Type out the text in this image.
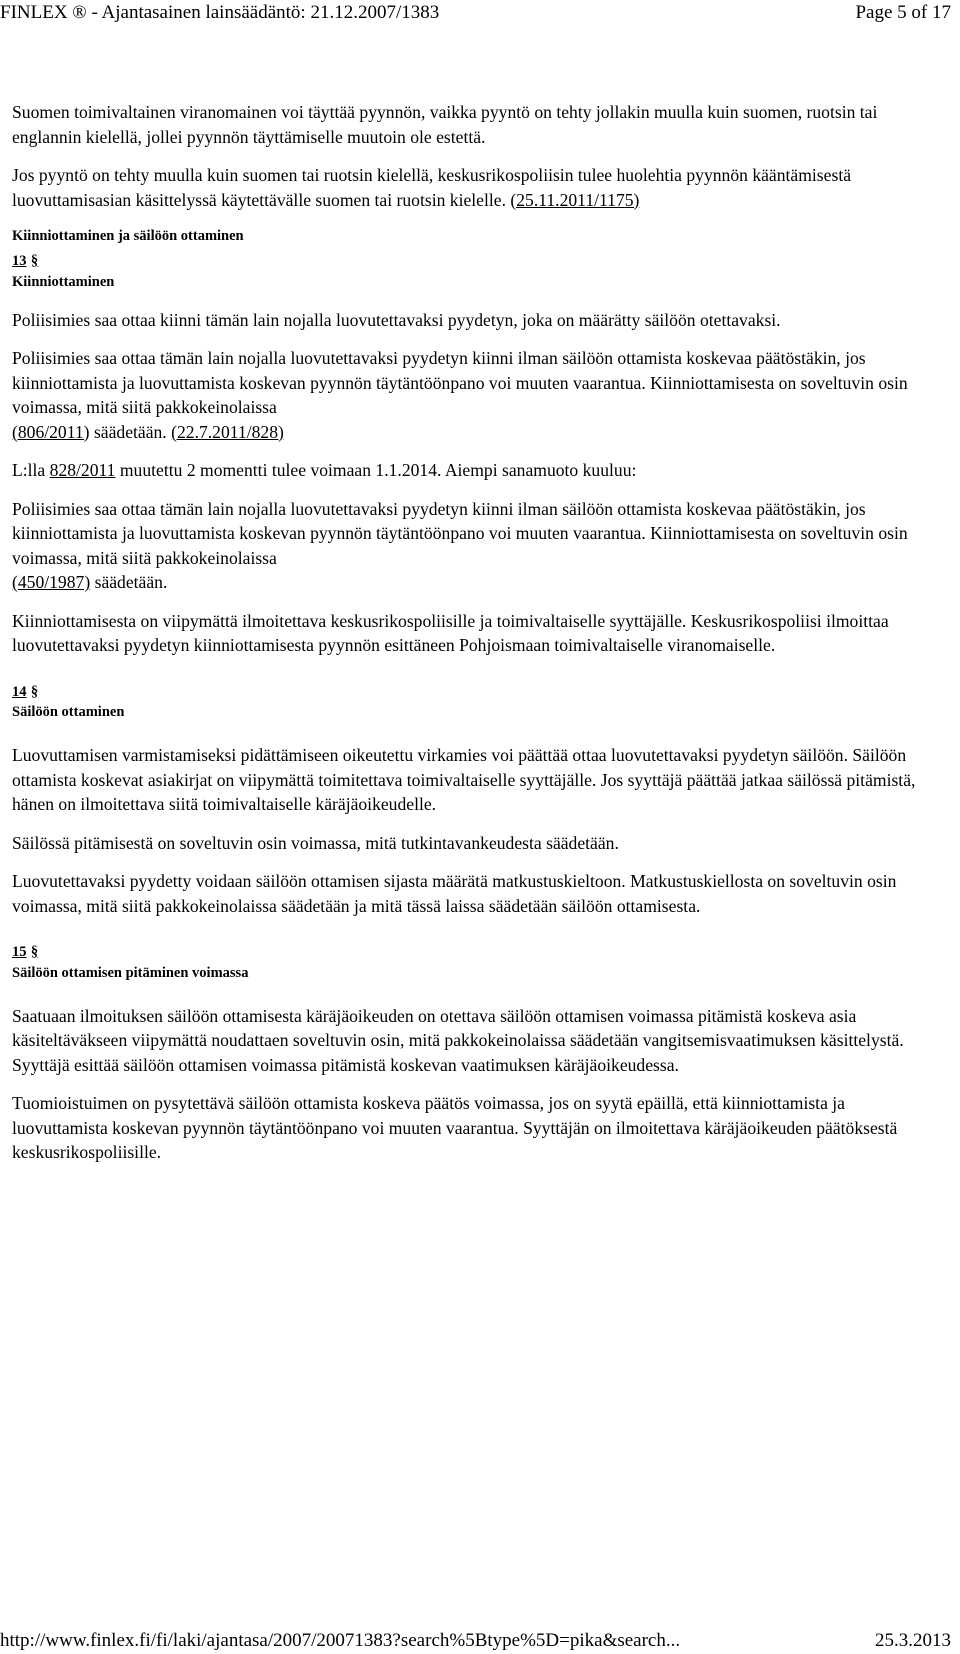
FINLEX ® - Ajantasainen lainsäädäntö: 21.12.2007/1383	Page 5 of 17

Suomen toimivaltainen viranomainen voi täyttää pyynnön, vaikka pyyntö on tehty jollakin muulla kuin suomen, ruotsin tai englannin kielellä, jollei pyynnön täyttämiselle muutoin ole estettä.

Jos pyyntö on tehty muulla kuin suomen tai ruotsin kielellä, keskusrikospoliisin tulee huolehtia pyynnön kääntämisestä luovuttamisasian käsittelyssä käytettävälle suomen tai ruotsin kielelle. (25.11.2011/1175)

Kiinniottaminen ja säilöön ottaminen
13 §
Kiinniottaminen

Poliisimies saa ottaa kiinni tämän lain nojalla luovutettavaksi pyydetyn, joka on määrätty säilöön otettavaksi.

Poliisimies saa ottaa tämän lain nojalla luovutettavaksi pyydetyn kiinni ilman säilöön ottamista koskevaa päätöstäkin, jos kiinniottamista ja luovuttamista koskevan pyynnön täytäntöönpano voi muuten vaarantua. Kiinniottamisesta on soveltuvin osin voimassa, mitä siitä pakkokeinolaissa
(806/2011) säädetään. (22.7.2011/828)

L:lla 828/2011 muutettu 2 momentti tulee voimaan 1.1.2014. Aiempi sanamuoto kuuluu:

Poliisimies saa ottaa tämän lain nojalla luovutettavaksi pyydetyn kiinni ilman säilöön ottamista koskevaa päätöstäkin, jos kiinniottamista ja luovuttamista koskevan pyynnön täytäntöönpano voi muuten vaarantua. Kiinniottamisesta on soveltuvin osin voimassa, mitä siitä pakkokeinolaissa
(450/1987) säädetään.

Kiinniottamisesta on viipymättä ilmoitettava keskusrikospoliisille ja toimivaltaiselle syyttäjälle. Keskusrikospoliisi ilmoittaa luovutettavaksi pyydetyn kiinniottamisesta pyynnön esittäneen Pohjoismaan toimivaltaiselle viranomaiselle.

14 §
Säilöön ottaminen

Luovuttamisen varmistamiseksi pidättämiseen oikeutettu virkamies voi päättää ottaa luovutettavaksi pyydetyn säilöön. Säilöön ottamista koskevat asiakirjat on viipymättä toimitettava toimivaltaiselle syyttäjälle. Jos syyttäjä päättää jatkaa säilössä pitämistä, hänen on ilmoitettava siitä toimivaltaiselle käräjäoikeudelle.

Säilössä pitämisestä on soveltuvin osin voimassa, mitä tutkintavankeudesta säädetään.

Luovutettavaksi pyydetty voidaan säilöön ottamisen sijasta määrätä matkustuskieltoon. Matkustuskiellosta on soveltuvin osin voimassa, mitä siitä pakkokeinolaissa säädetään ja mitä tässä laissa säädetään säilöön ottamisesta.

15 §
Säilöön ottamisen pitäminen voimassa

Saatuaan ilmoituksen säilöön ottamisesta käräjäoikeuden on otettava säilöön ottamisen voimassa pitämistä koskeva asia käsiteltäväkseen viipymättä noudattaen soveltuvin osin, mitä pakkokeinolaissa säädetään vangitsemisvaatimuksen käsittelystä. Syyttäjä esittää säilöön ottamisen voimassa pitämistä koskevan vaatimuksen käräjäoikeudessa.

Tuomioistuimen on pysytettävä säilöön ottamista koskeva päätös voimassa, jos on syytä epäillä, että kiinniottamista ja luovuttamista koskevan pyynnön täytäntöönpano voi muuten vaarantua. Syyttäjän on ilmoitettava käräjäoikeuden päätöksestä keskusrikospoliisille.

http://www.finlex.fi/fi/laki/ajantasa/2007/20071383?search%5Btype%5D=pika&search...	25.3.2013
